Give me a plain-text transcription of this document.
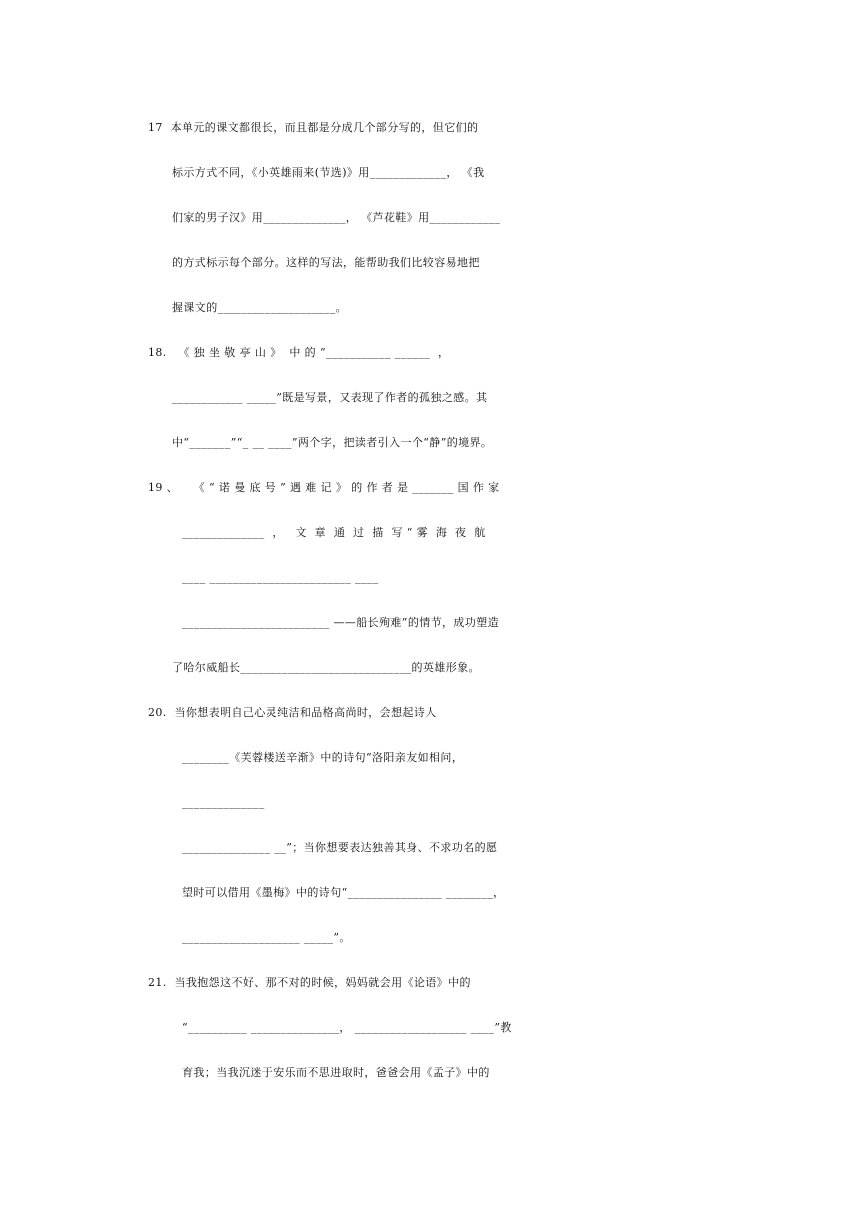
17  本单元的课文都很长，而且都是分成几个部分写的，但它们的
标示方式不同，《小英雄雨来(节选)》用_____________， 《我
们家的男子汉》用______________， 《芦花鞋》用____________
的方式标示每个部分。这样的写法，能帮助我们比较容易地把
握课文的____________________。
18.   《 独 坐 敬 亭 山 》  中 的 “___________ ______  ，
____________ _____”既是写景，又表现了作者的孤独之感。其
中“_______”“_ __ ____”两个字，把读者引入一个“静”的境界。
19 、    《 “ 诺 曼 底 号 ” 遇 难 记 》 的 作 者 是 _______ 国 作 家
______________  ，   文  章  通  过  描  写 “ 雾  海  夜  航
____ ________________________ ____
_________________________ ——船长殉难”的情节，成功塑造
了哈尔威船长_____________________________的英雄形象。
20.  当你想表明自己心灵纯洁和品格高尚时，会想起诗人
________《芙蓉楼送辛渐》中的诗句“洛阳亲友如相问，
______________
_______________ __”；当你想要表达独善其身、不求功名的愿
望时可以借用《墨梅》中的诗句“________________ ________，
____________________ _____”。
21.  当我抱怨这不好、那不对的时候，妈妈就会用《论语》中的
“__________ _______________， ___________________ ____”教
育我；当我沉迷于安乐而不思进取时，爸爸会用《孟子》中的
